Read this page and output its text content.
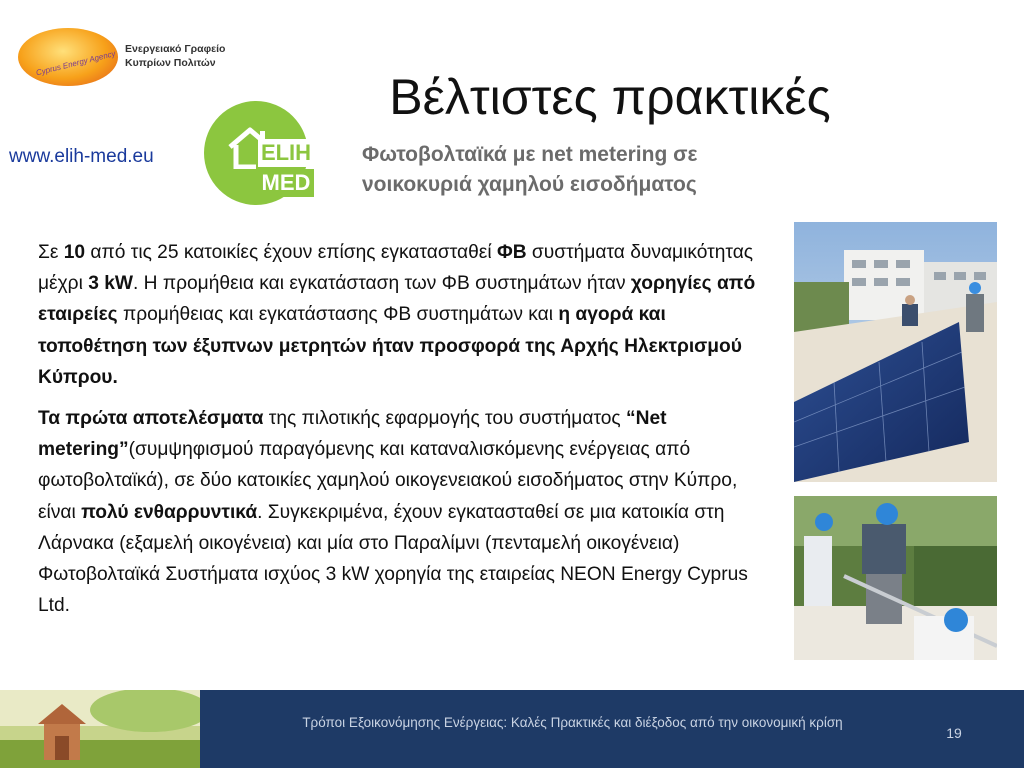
Cyprus Energy Agency Ενεργειακό Γραφείο
Κυπρίων Πολιτών
ELIH
MED
www.elih-med.eu
Βέλτιστες πρακτικές
Φωτοβολταϊκά με net metering σε νοικοκυριά χαμηλού εισοδήματος

Σε 10 από τις 25 κατοικίες έχουν επίσης εγκατασταθεί ΦΒ συστήματα δυναμικότητας μέχρι 3 kW. Η προμήθεια και εγκατάσταση των ΦΒ συστημάτων ήταν χορηγίες από εταιρείες προμήθειας και εγκατάστασης ΦΒ συστημάτων και η αγορά και τοποθέτηση των έξυπνων μετρητών ήταν προσφορά της Αρχής Ηλεκτρισμού Κύπρου.

Τα πρώτα αποτελέσματα της πιλοτικής εφαρμογής του συστήματος “Net metering”(συμψηφισμού παραγόμενης και καταναλισκόμενης ενέργειας από φωτοβολταϊκά), σε δύο κατοικίες χαμηλού οικογενειακού εισοδήματος στην Κύπρο, είναι πολύ ενθαρρυντικά. Συγκεκριμένα, έχουν εγκατασταθεί σε μια κατοικία στη Λάρνακα (εξαμελή οικογένεια) και μία στο Παραλίμνι (πενταμελή οικογένεια) Φωτοβολταϊκά Συστήματα ισχύος 3 kW χορηγία της εταιρείας NEON Energy Cyprus Ltd.

Τρόποι Εξοικονόμησης Ενέργειας: Καλές Πρακτικές και διέξοδος από την οικονομική κρίση
19
